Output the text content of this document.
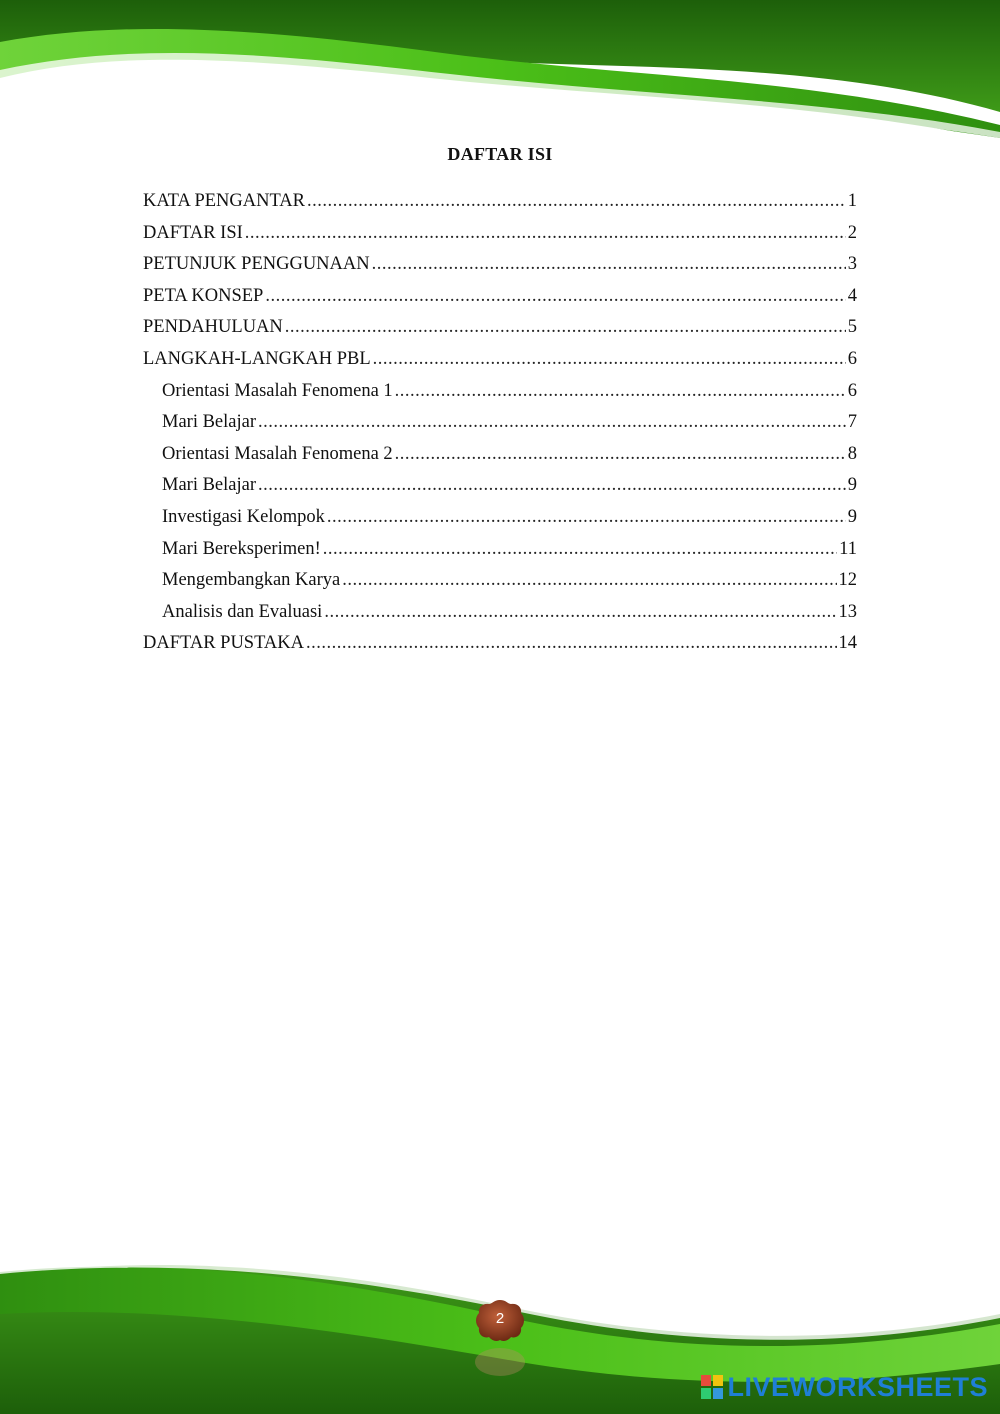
DAFTAR ISI
KATA PENGANTAR .....	1
DAFTAR ISI .....	2
PETUNJUK PENGGUNAAN .....	3
PETA KONSEP .....	4
PENDAHULUAN .....	5
LANGKAH-LANGKAH PBL .....	6
Orientasi Masalah Fenomena 1 .....	6
Mari Belajar .....	7
Orientasi Masalah Fenomena 2 .....	8
Mari Belajar .....	9
Investigasi Kelompok .....	9
Mari Bereksperimen! .....	11
Mengembangkan Karya .....	12
Analisis dan Evaluasi .....	13
DAFTAR PUSTAKA .....	14
2
LIVEWORKSHEETS
